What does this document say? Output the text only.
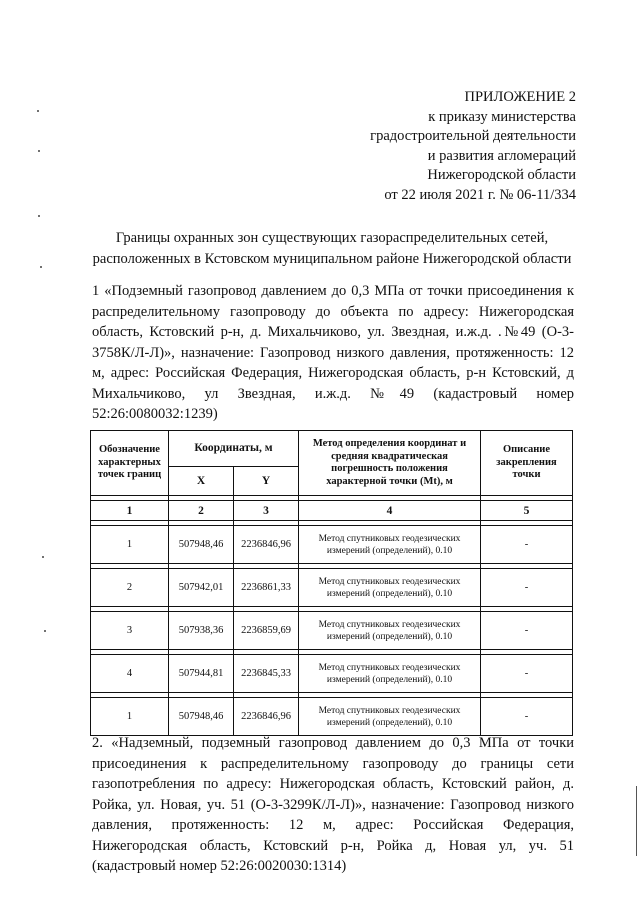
ПРИЛОЖЕНИЕ 2
к приказу министерства
градостроительной деятельности
и развития агломераций
Нижегородской области
от 22 июля 2021 г. № 06-11/334
Границы охранных зон существующих газораспределительных сетей,
расположенных в Кстовском муниципальном районе Нижегородской области
1 «Подземный газопровод давлением до 0,3 МПа от точки присоединения к распределительному газопроводу до объекта по адресу: Нижегородская область, Кстовский р-н, д. Михальчиково, ул. Звездная, и.ж.д. .№49 (О-3-3758К/Л-Л)», назначение: Газопровод низкого давления, протяженность: 12 м, адрес: Российская Федерация, Нижегородская область, р-н Кстовский, д Михальчиково, ул Звездная, и.ж.д. №49 (кадастровый номер 52:26:0080032:1239)
Обозначение характерных точек границ	Координаты, м		Метод определения координат и средняя квадратическая погрешность положения характерной точки (Мt), м	Описание закрепления точки
	X	Y		

1	2	3	4	5

1	507948,46	2236846,96	Метод спутниковых геодезических измерений (определений), 0.10	-

2	507942,01	2236861,33	Метод спутниковых геодезических измерений (определений), 0.10	-

3	507938,36	2236859,69	Метод спутниковых геодезических измерений (определений), 0.10	-

4	507944,81	2236845,33	Метод спутниковых геодезических измерений (определений), 0.10	-

1	507948,46	2236846,96	Метод спутниковых геодезических измерений (определений), 0.10	-
2. «Надземный, подземный газопровод давлением до 0,3 МПа от точки присоединения к распределительному газопроводу до границы сети газопотребления по адресу: Нижегородская область, Кстовский район, д. Ройка, ул. Новая, уч. 51 (О-3-3299К/Л-Л)», назначение: Газопровод низкого давления, протяженность: 12 м, адрес: Российская Федерация, Нижегородская область, Кстовский р-н, Ройка д, Новая ул, уч. 51 (кадастровый номер 52:26:0020030:1314)
